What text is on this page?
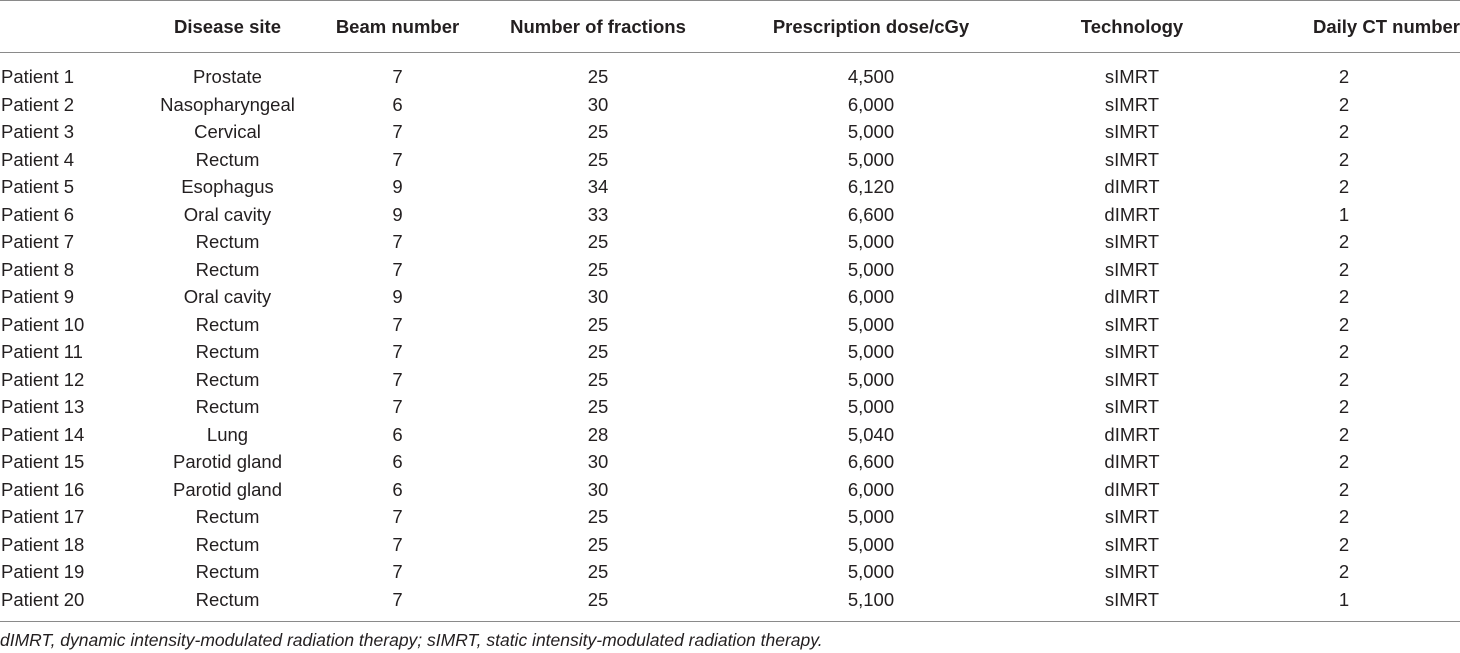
	Disease site	Beam number	Number of fractions	Prescription dose/cGy	Technology	Daily CT number
Patient 1	Prostate	7	25	4,500	sIMRT	2
Patient 2	Nasopharyngeal	6	30	6,000	sIMRT	2
Patient 3	Cervical	7	25	5,000	sIMRT	2
Patient 4	Rectum	7	25	5,000	sIMRT	2
Patient 5	Esophagus	9	34	6,120	dIMRT	2
Patient 6	Oral cavity	9	33	6,600	dIMRT	1
Patient 7	Rectum	7	25	5,000	sIMRT	2
Patient 8	Rectum	7	25	5,000	sIMRT	2
Patient 9	Oral cavity	9	30	6,000	dIMRT	2
Patient 10	Rectum	7	25	5,000	sIMRT	2
Patient 11	Rectum	7	25	5,000	sIMRT	2
Patient 12	Rectum	7	25	5,000	sIMRT	2
Patient 13	Rectum	7	25	5,000	sIMRT	2
Patient 14	Lung	6	28	5,040	dIMRT	2
Patient 15	Parotid gland	6	30	6,600	dIMRT	2
Patient 16	Parotid gland	6	30	6,000	dIMRT	2
Patient 17	Rectum	7	25	5,000	sIMRT	2
Patient 18	Rectum	7	25	5,000	sIMRT	2
Patient 19	Rectum	7	25	5,000	sIMRT	2
Patient 20	Rectum	7	25	5,100	sIMRT	1
dIMRT, dynamic intensity-modulated radiation therapy; sIMRT, static intensity-modulated radiation therapy.
